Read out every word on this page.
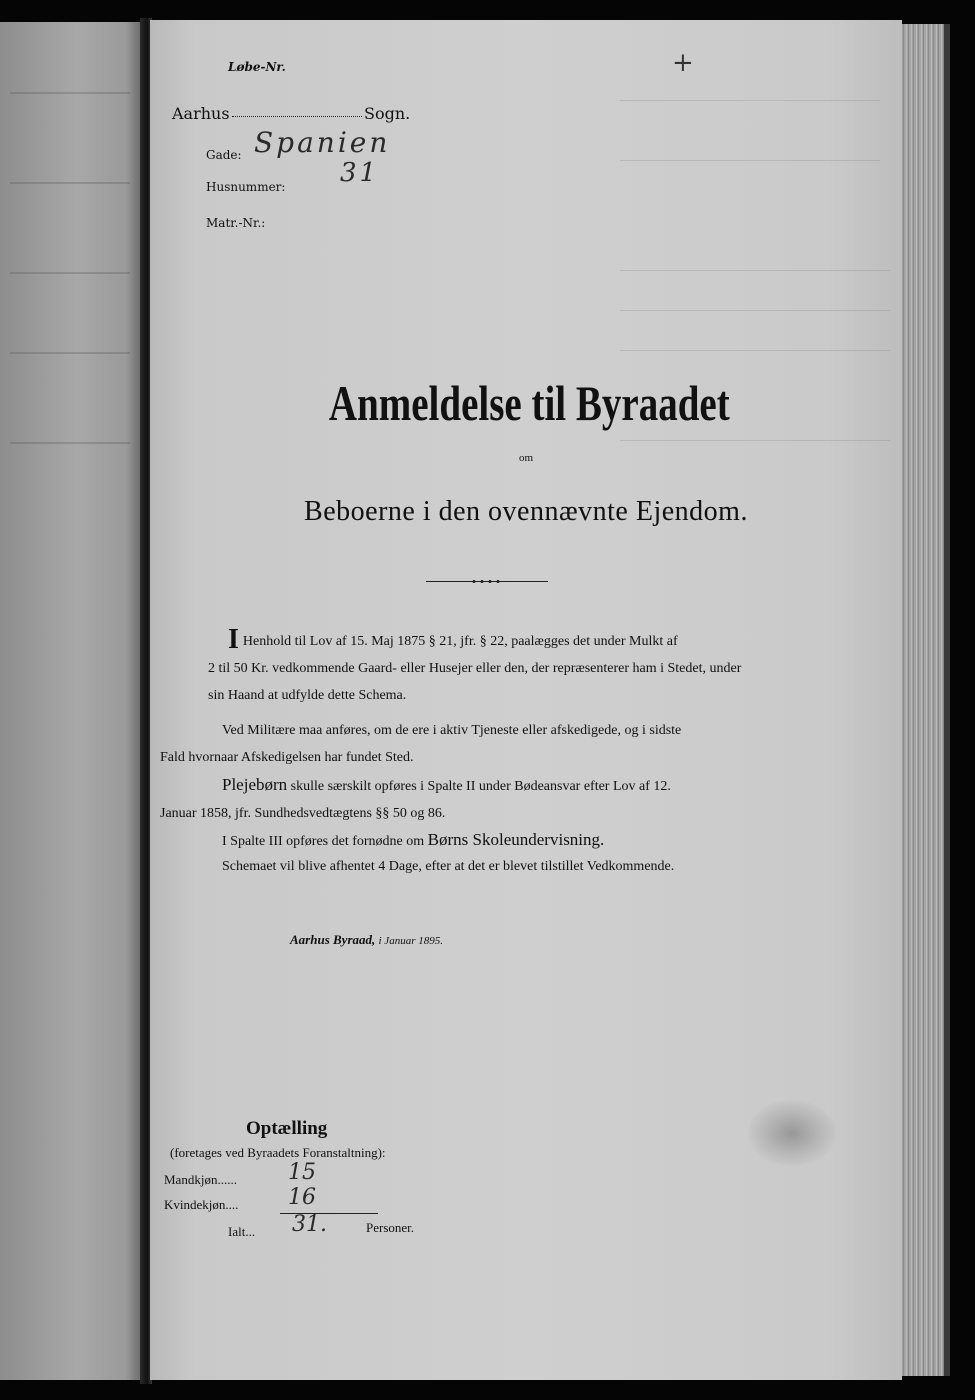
Løbe-Nr.	+
Aarhus	Sogn.
Gade: Spanien
Husnummer: 31
Matr.-Nr.:
Anmeldelse til Byraadet
om
Beboerne i den ovennævnte Ejendom.
I Henhold til Lov af 15. Maj 1875 § 21, jfr. § 22, paalægges det under Mulkt af
2 til 50 Kr. vedkommende Gaard- eller Husejer eller den, der repræsenterer ham i Stedet, under
sin Haand at udfylde dette Schema.
Ved Militære maa anføres, om de ere i aktiv Tjeneste eller afskedigede, og i sidste
Fald hvornaar Afskedigelsen har fundet Sted.
Plejebørn skulle særskilt opføres i Spalte II under Bødeansvar efter Lov af 12.
Januar 1858, jfr. Sundhedsvedtægtens §§ 50 og 86.
I Spalte III opføres det fornødne om Børns Skoleundervisning.
Schemaet vil blive afhentet 4 Dage, efter at det er blevet tilstillet Vedkommende.
Aarhus Byraad, i Januar 1895.
Optælling
(foretages ved Byraadets Foranstaltning):
Mandkjøn...... 15
Kvindekjøn.... 16
Ialt... 31.	Personer.
